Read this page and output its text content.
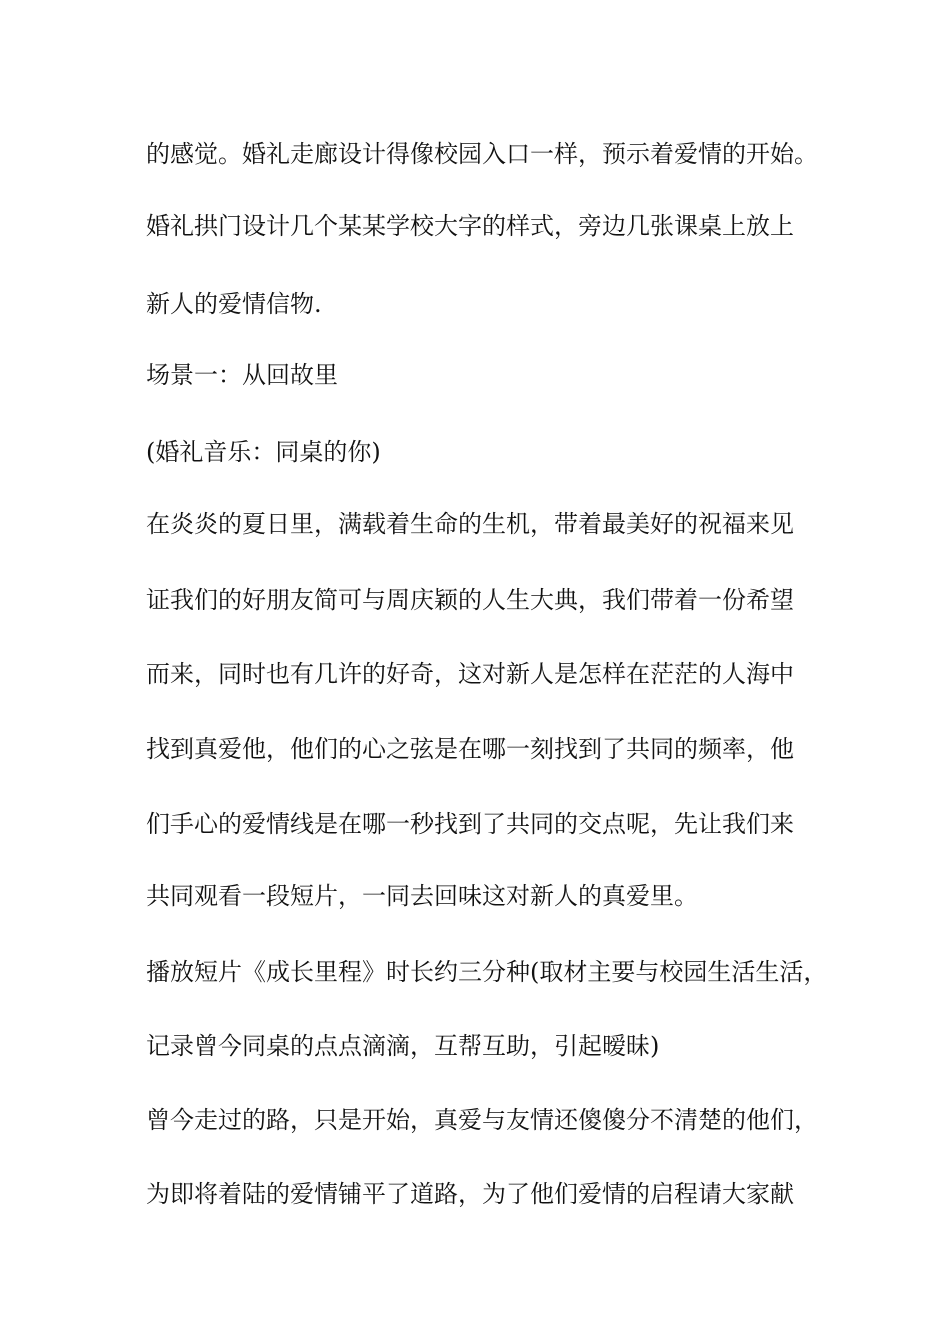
的感觉。婚礼走廊设计得像校园入口一样，预示着爱情的开始。

婚礼拱门设计几个某某学校大字的样式，旁边几张课桌上放上

新人的爱情信物.

场景一：从回故里

(婚礼音乐：同桌的你)

在炎炎的夏日里，满载着生命的生机，带着最美好的祝福来见

证我们的好朋友简可与周庆颖的人生大典，我们带着一份希望

而来，同时也有几许的好奇，这对新人是怎样在茫茫的人海中

找到真爱他，他们的心之弦是在哪一刻找到了共同的频率，他

们手心的爱情线是在哪一秒找到了共同的交点呢，先让我们来

共同观看一段短片，一同去回味这对新人的真爱里。

播放短片《成长里程》时长约三分种(取材主要与校园生活生活，

记录曾今同桌的点点滴滴，互帮互助，引起暧昧)

曾今走过的路，只是开始，真爱与友情还傻傻分不清楚的他们，

为即将着陆的爱情铺平了道路，为了他们爱情的启程请大家献
